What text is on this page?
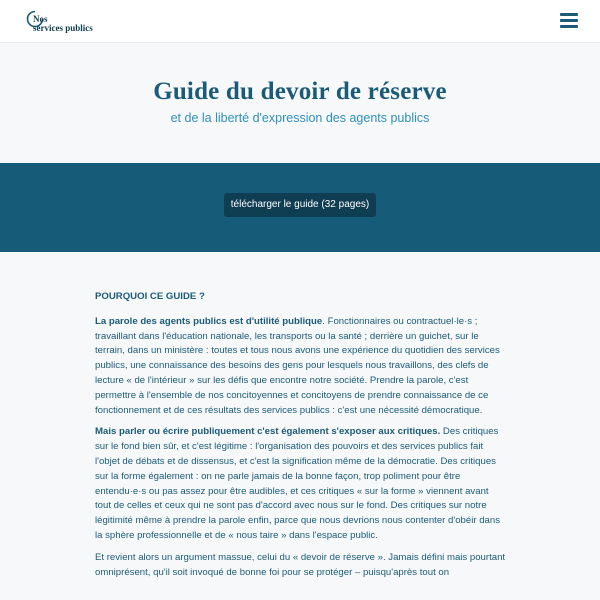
Nos
services publics
Guide du devoir de réserve
et de la liberté d'expression des agents publics
télécharger le guide (32 pages)
POURQUOI CE GUIDE ?

La parole des agents publics est d'utilité publique. Fonctionnaires ou contractuel·le·s ; travaillant dans l'éducation nationale, les transports ou la santé ; derrière un guichet, sur le terrain, dans un ministère : toutes et tous nous avons une expérience du quotidien des services publics, une connaissance des besoins des gens pour lesquels nous travaillons, des clefs de lecture « de l'intérieur » sur les défis que encontre notre société. Prendre la parole, c'est permettre à l'ensemble de nos concitoyennes et concitoyens de prendre connaissance de ce fonctionnement et de ces résultats des services publics : c'est une nécessité démocratique.

Mais parler ou écrire publiquement c'est également s'exposer aux critiques. Des critiques sur le fond bien sûr, et c'est légitime : l'organisation des pouvoirs et des services publics fait l'objet de débats et de dissensus, et c'est la signification même de la démocratie. Des critiques sur la forme également : on ne parle jamais de la bonne façon, trop poliment pour être entendu·e·s ou pas assez pour être audibles, et ces critiques « sur la forme » viennent avant tout de celles et ceux qui ne sont pas d'accord avec nous sur le fond. Des critiques sur notre légitimité même à prendre la parole enfin, parce que nous devrions nous contenter d'obéir dans la sphère professionnelle et de « nous taire » dans l'espace public.

Et revient alors un argument massue, celui du « devoir de réserve ». Jamais défini mais pourtant omniprésent, qu'il soit invoqué de bonne foi pour se protéger – puisqu'après tout on
